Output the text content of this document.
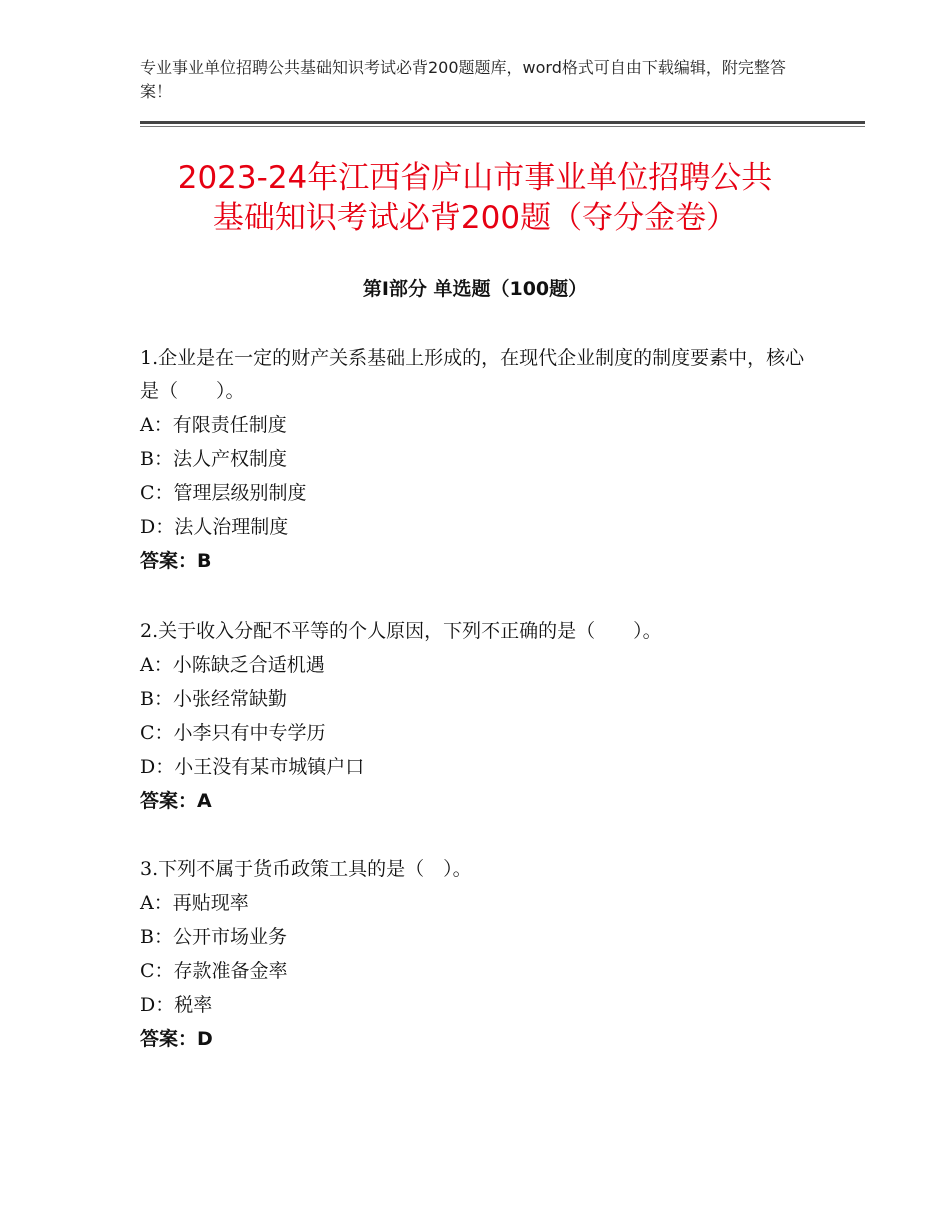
专业事业单位招聘公共基础知识考试必背200题题库，word格式可自由下载编辑，附完整答案！
2023-24年江西省庐山市事业单位招聘公共
基础知识考试必背200题（夺分金卷）
第Ⅰ部分 单选题（100题）

1.企业是在一定的财产关系基础上形成的，在现代企业制度的制度要素中，核心是（　　）。

A：有限责任制度

B：法人产权制度

C：管理层级别制度

D：法人治理制度

答案：B

2.关于收入分配不平等的个人原因，下列不正确的是（　　）。

A：小陈缺乏合适机遇

B：小张经常缺勤

C：小李只有中专学历

D：小王没有某市城镇户口

答案：A

3.下列不属于货币政策工具的是（　）。

A：再贴现率

B：公开市场业务

C：存款准备金率

D：税率

答案：D
